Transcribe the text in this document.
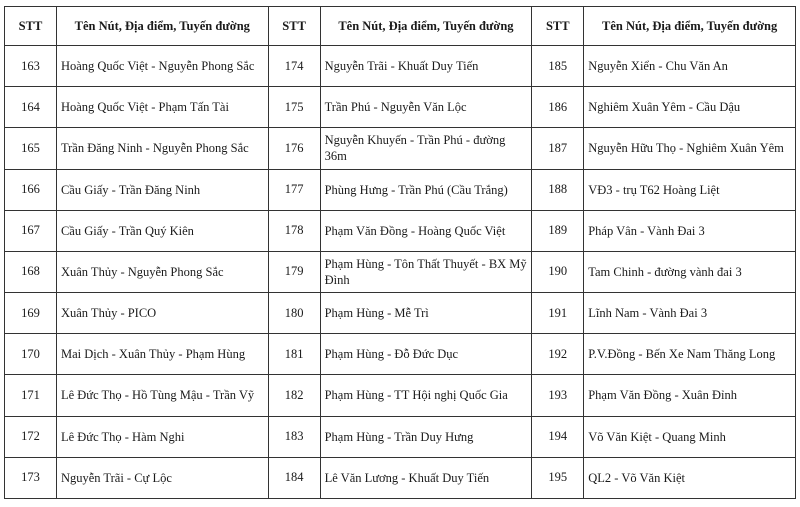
STT	Tên Nút, Địa điểm, Tuyến đường	STT	Tên Nút, Địa điểm, Tuyến đường	STT	Tên Nút, Địa điểm, Tuyến đường
163	Hoàng Quốc Việt - Nguyễn Phong Sắc	174	Nguyễn Trãi - Khuất Duy Tiến	185	Nguyễn Xiển - Chu Văn An
164	Hoàng Quốc Việt - Phạm Tấn Tài	175	Trần Phú - Nguyễn Văn Lộc	186	Nghiêm Xuân Yêm - Cầu Dậu
165	Trần Đăng Ninh - Nguyễn Phong Sắc	176	Nguyễn Khuyến - Trần Phú - đường 36m	187	Nguyễn Hữu Thọ - Nghiêm Xuân Yêm
166	Cầu Giấy - Trần Đăng Ninh	177	Phùng Hưng - Trần Phú (Cầu Trắng)	188	VĐ3 - trụ T62 Hoàng Liệt
167	Cầu Giấy - Trần Quý Kiên	178	Phạm Văn Đồng - Hoàng Quốc Việt	189	Pháp Vân - Vành Đai 3
168	Xuân Thủy - Nguyễn Phong Sắc	179	Phạm Hùng - Tôn Thất Thuyết - BX Mỹ Đình	190	Tam Chinh - đường vành đai 3
169	Xuân Thủy - PICO	180	Phạm Hùng - Mễ Trì	191	Lĩnh Nam - Vành Đai 3
170	Mai Dịch - Xuân Thủy - Phạm Hùng	181	Phạm Hùng - Đỗ Đức Dục	192	P.V.Đồng - Bến Xe Nam Thăng Long
171	Lê Đức Thọ - Hồ Tùng Mậu - Trần Vỹ	182	Phạm Hùng - TT Hội nghị Quốc Gia	193	Phạm Văn Đồng - Xuân Đỉnh
172	Lê Đức Thọ - Hàm Nghi	183	Phạm Hùng - Trần Duy Hưng	194	Võ Văn Kiệt - Quang Minh
173	Nguyễn Trãi - Cự Lộc	184	Lê Văn Lương - Khuất Duy Tiến	195	QL2 - Võ Văn Kiệt
